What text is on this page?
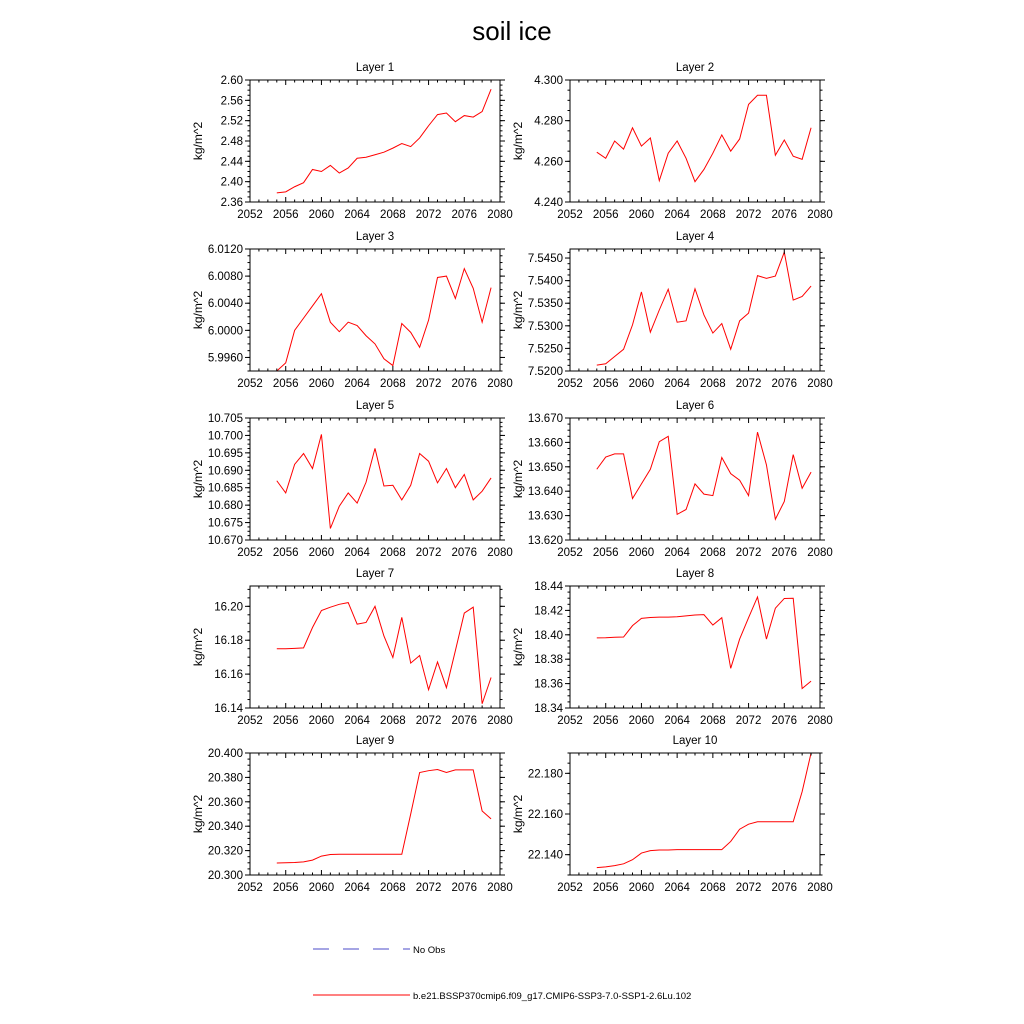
soil ice
2052 2056 2060 2064 2068 2072 2076 2080
2.36
2.40
2.44
2.48
2.52
2.56
2.60
Layer 1
kg/m^2
2052 2056 2060 2064 2068 2072 2076 2080
4.240
4.260
4.280
4.300
Layer 2
kg/m^2
2052 2056 2060 2064 2068 2072 2076 2080
5.9960
6.0000
6.0040
6.0080
6.0120
Layer 3
kg/m^2
2052 2056 2060 2064 2068 2072 2076 2080
7.5200
7.5250
7.5300
7.5350
7.5400
7.5450
Layer 4
kg/m^2
2052 2056 2060 2064 2068 2072 2076 2080
10.670
10.675
10.680
10.685
10.690
10.695
10.700
10.705
Layer 5
kg/m^2
2052 2056 2060 2064 2068 2072 2076 2080
13.620
13.630
13.640
13.650
13.660
13.670
Layer 6
kg/m^2
2052 2056 2060 2064 2068 2072 2076 2080
16.14
16.16
16.18
16.20
Layer 7
kg/m^2
2052 2056 2060 2064 2068 2072 2076 2080
18.34
18.36
18.38
18.40
18.42
18.44
Layer 8
kg/m^2
2052 2056 2060 2064 2068 2072 2076 2080
20.300
20.320
20.340
20.360
20.380
20.400
Layer 9
kg/m^2
2052 2056 2060 2064 2068 2072 2076 2080
22.140
22.160
22.180
Layer 10
kg/m^2
No Obs
b.e21.BSSP370cmip6.f09_g17.CMIP6-SSP3-7.0-SSP1-2.6Lu.102
